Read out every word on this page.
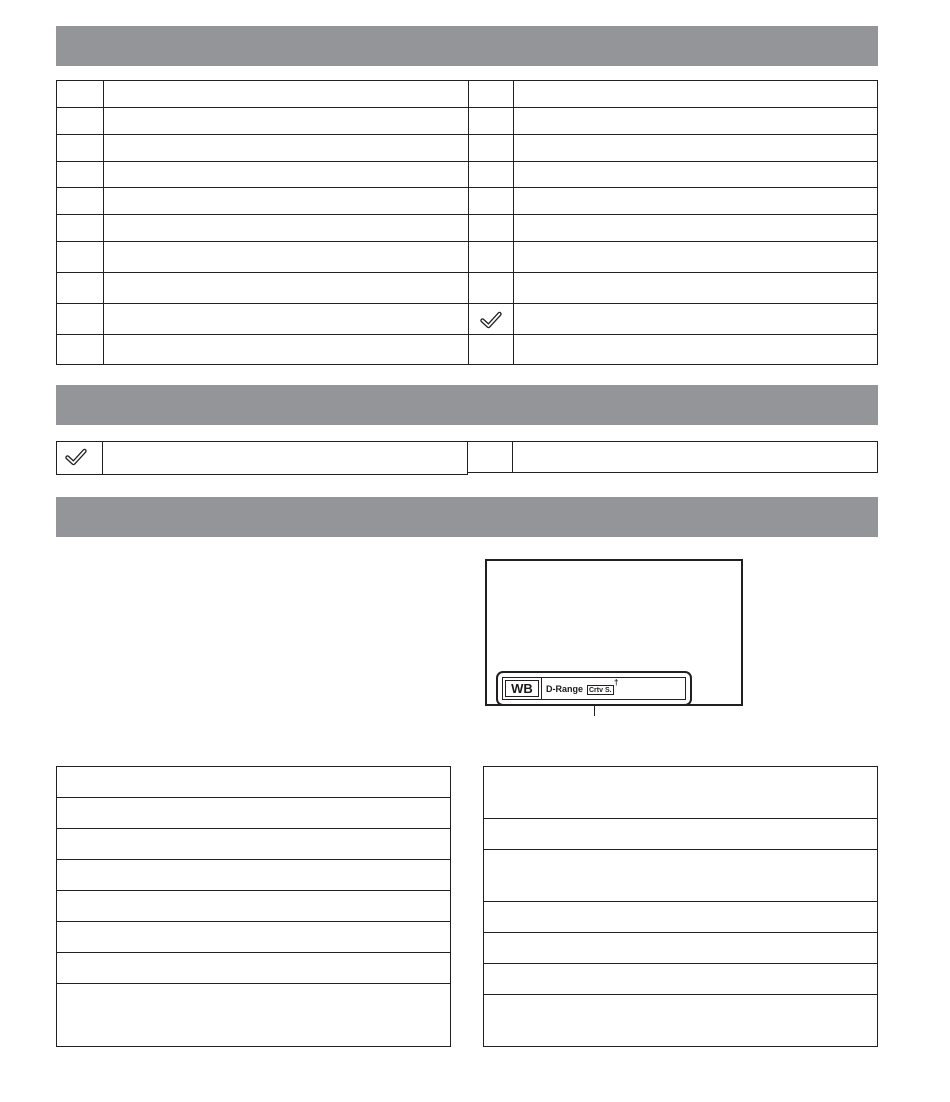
WB D-Range Crtv S.
†
